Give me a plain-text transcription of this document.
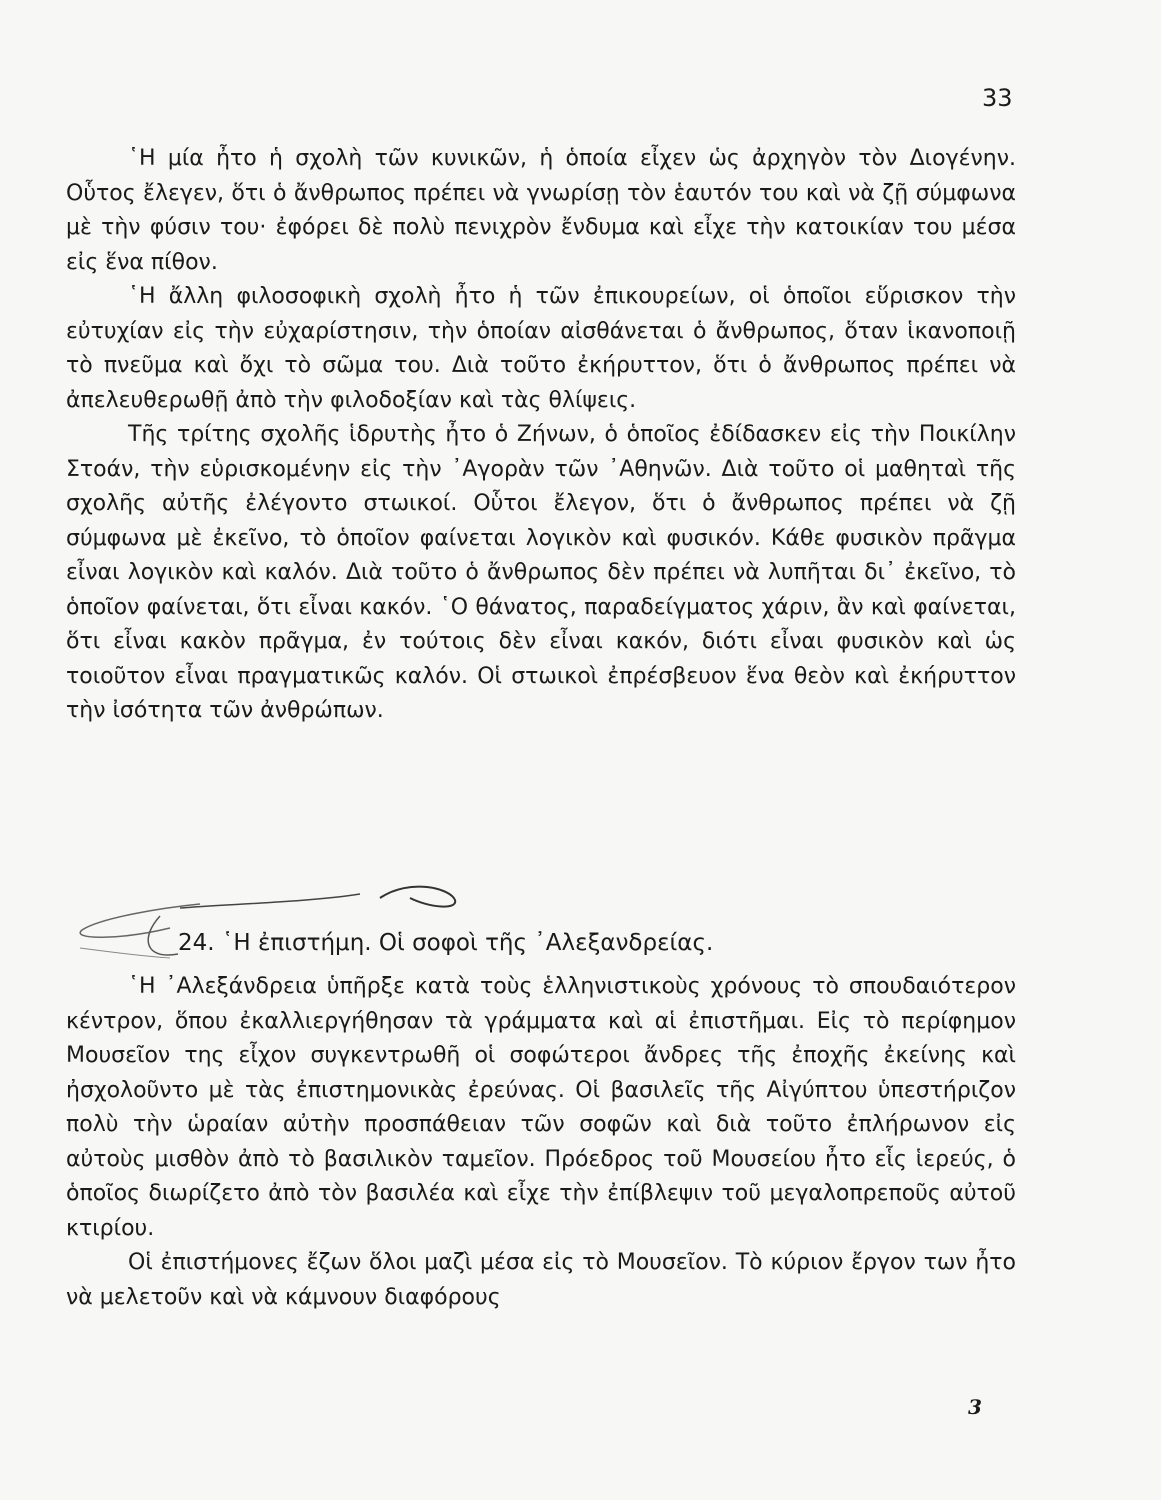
33

῾Η μία ἦτο ἡ σχολὴ τῶν κυνικῶν, ἡ ὁποία εἶχεν ὡς ἀρχηγὸν τὸν Διογένην. Οὗτος ἔλεγεν, ὅτι ὁ ἄνθρωπος πρέπει νὰ γνωρίσῃ τὸν ἑαυτόν του καὶ νὰ ζῇ σύμφωνα μὲ τὴν φύσιν του· ἐφόρει δὲ πολὺ πενιχρὸν ἔνδυμα καὶ εἶχε τὴν κατοικίαν του μέσα εἰς ἕνα πίθον.

῾Η ἄλλη φιλοσοφικὴ σχολὴ ἦτο ἡ τῶν ἐπικουρείων, οἱ ὁποῖοι εὕρισκον τὴν εὐτυχίαν εἰς τὴν εὐχαρίστησιν, τὴν ὁποίαν αἰσθάνεται ὁ ἄνθρωπος, ὅταν ἱκανοποιῇ τὸ πνεῦμα καὶ ὄχι τὸ σῶμα του. Διὰ τοῦτο ἐκήρυττον, ὅτι ὁ ἄνθρωπος πρέπει νὰ ἀπελευθερωθῇ ἀπὸ τὴν φιλοδοξίαν καὶ τὰς θλίψεις.

Τῆς τρίτης σχολῆς ἱδρυτὴς ἦτο ὁ Ζήνων, ὁ ὁποῖος ἐδίδασκεν εἰς τὴν Ποικίλην Στοάν, τὴν εὑρισκομένην εἰς τὴν ᾿Αγορὰν τῶν ᾿Αθηνῶν. Διὰ τοῦτο οἱ μαθηταὶ τῆς σχολῆς αὐτῆς ἐλέγοντο στωικοί. Οὗτοι ἔλεγον, ὅτι ὁ ἄνθρωπος πρέπει νὰ ζῇ σύμφωνα μὲ ἐκεῖνο, τὸ ὁποῖον φαίνεται λογικὸν καὶ φυσικόν. Κάθε φυσικὸν πρᾶγμα εἶναι λογικὸν καὶ καλόν. Διὰ τοῦτο ὁ ἄνθρωπος δὲν πρέπει νὰ λυπῆται δι᾿ ἐκεῖνο, τὸ ὁποῖον φαίνεται, ὅτι εἶναι κακόν. ῾Ο θάνατος, παραδείγματος χάριν, ἂν καὶ φαίνεται, ὅτι εἶναι κακὸν πρᾶγμα, ἐν τούτοις δὲν εἶναι κακόν, διότι εἶναι φυσικὸν καὶ ὡς τοιοῦτον εἶναι πραγματικῶς καλόν. Οἱ στωικοὶ ἐπρέσβευον ἕνα θεὸν καὶ ἐκήρυττον τὴν ἰσότητα τῶν ἀνθρώπων.

24. ῾Η ἐπιστήμη. Οἱ σοφοὶ τῆς ᾿Αλεξανδρείας.

῾Η ᾿Αλεξάνδρεια ὑπῆρξε κατὰ τοὺς ἑλληνιστικοὺς χρόνους τὸ σπουδαιότερον κέντρον, ὅπου ἐκαλλιεργήθησαν τὰ γράμματα καὶ αἱ ἐπιστῆμαι. Εἰς τὸ περίφημον Μουσεῖον της εἶχον συγκεντρωθῆ οἱ σοφώτεροι ἄνδρες τῆς ἐποχῆς ἐκείνης καὶ ἠσχολοῦντο μὲ τὰς ἐπιστημονικὰς ἐρεύνας. Οἱ βασιλεῖς τῆς Αἰγύπτου ὑπεστήριζον πολὺ τὴν ὡραίαν αὐτὴν προσπάθειαν τῶν σοφῶν καὶ διὰ τοῦτο ἐπλήρωνον εἰς αὐτοὺς μισθὸν ἀπὸ τὸ βασιλικὸν ταμεῖον. Πρόεδρος τοῦ Μουσείου ἦτο εἷς ἱερεύς, ὁ ὁποῖος διωρίζετο ἀπὸ τὸν βασιλέα καὶ εἶχε τὴν ἐπίβλεψιν τοῦ μεγαλοπρεποῦς αὐτοῦ κτιρίου.

Οἱ ἐπιστήμονες ἔζων ὅλοι μαζὶ μέσα εἰς τὸ Μουσεῖον. Τὸ κύριον ἔργον των ἦτο νὰ μελετοῦν καὶ νὰ κάμνουν διαφόρους

3
